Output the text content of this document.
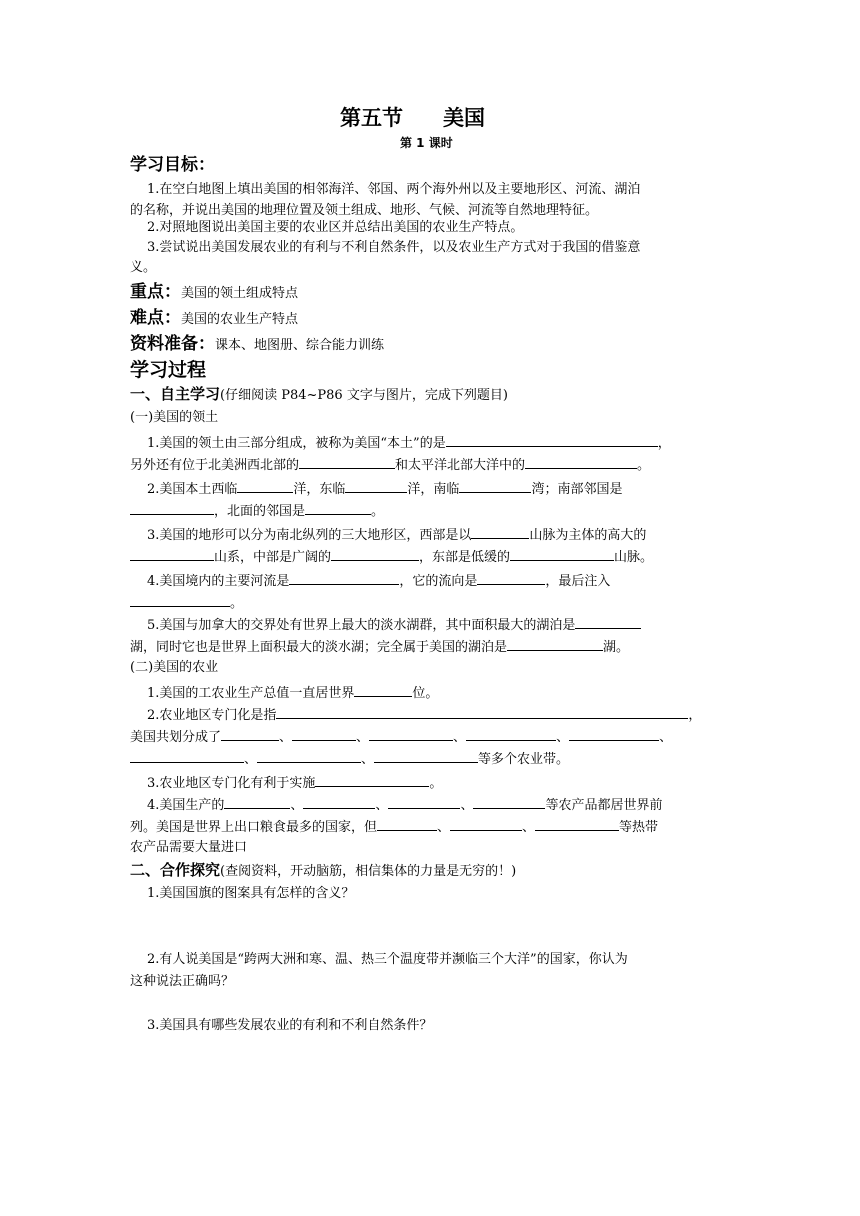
第五节 美国
第 1 课时
学习目标：
1.在空白地图上填出美国的相邻海洋、邻国、两个海外州以及主要地形区、河流、湖泊
的名称，并说出美国的地理位置及领土组成、地形、气候、河流等自然地理特征。
2.对照地图说出美国主要的农业区并总结出美国的农业生产特点。
3.尝试说出美国发展农业的有利与不利自然条件，以及农业生产方式对于我国的借鉴意
义。
重点：美国的领土组成特点
难点：美国的农业生产特点
资料准备：课本、地图册、综合能力训练
学习过程
一、自主学习(仔细阅读 P84~P86 文字与图片，完成下列题目)
(一)美国的领土
1.美国的领土由三部分组成，被称为美国“本土”的是	，
另外还有位于北美洲西北部的	和太平洋北部大洋中的	。
2.美国本土西临	洋，东临	洋，南临	湾；南部邻国是
，北面的邻国是	。
3.美国的地形可以分为南北纵列的三大地形区，西部是以	山脉为主体的高大的
山系，中部是广阔的	，东部是低缓的	山脉。
4.美国境内的主要河流是	，它的流向是	，最后注入
。
5.美国与加拿大的交界处有世界上最大的淡水湖群，其中面积最大的湖泊是
湖，同时它也是世界上面积最大的淡水湖；完全属于美国的湖泊是	湖。
(二)美国的农业
1.美国的工农业生产总值一直居世界	位。
2.农业地区专门化是指	，
美国共划分成了	、	、	、	、	、
、	、	等多个农业带。
3.农业地区专门化有利于实施	。
4.美国生产的	、	、	、	等农产品都居世界前
列。美国是世界上出口粮食最多的国家，但	、	、	等热带
农产品需要大量进口
二、合作探究(查阅资料，开动脑筋，相信集体的力量是无穷的！)
1.美国国旗的图案具有怎样的含义？
2.有人说美国是“跨两大洲和寒、温、热三个温度带并濒临三个大洋”的国家，你认为
这种说法正确吗？
3.美国具有哪些发展农业的有利和不利自然条件？
